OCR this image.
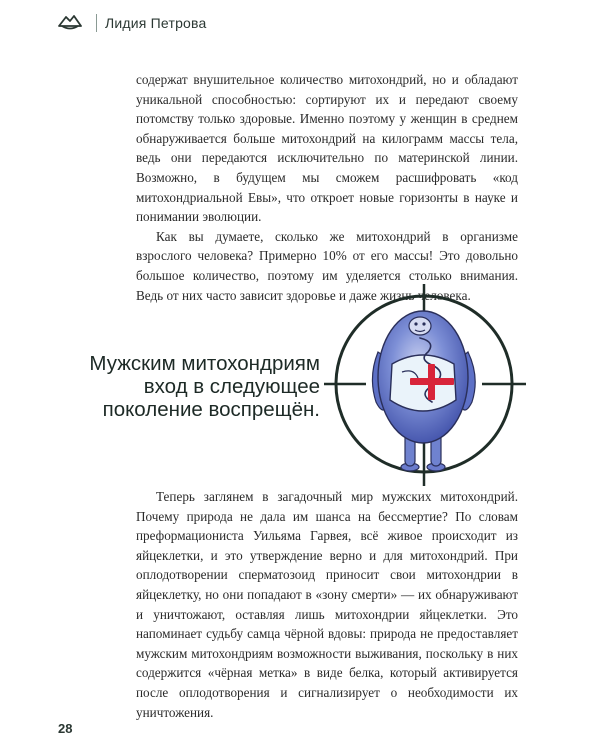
Лидия Петрова

содержат внушительное количество митохондрий, но и обладают уникальной способностью: сортируют их и передают своему потомству только здоровые. Именно поэтому у женщин в среднем обнаруживается больше митохондрий на килограмм массы тела, ведь они передаются исключительно по материнской линии. Возможно, в будущем мы сможем расшифровать «код митохондриальной Евы», что откроет новые горизонты в науке и понимании эволюции.

Как вы думаете, сколько же митохондрий в организме взрослого человека? Примерно 10% от его массы! Это довольно большое количество, поэтому им уделяется столько внимания. Ведь от них часто зависит здоровье и даже жизнь человека.

Мужским митохондриям
вход в следующее
поколение воспрещён.

Теперь заглянем в загадочный мир мужских митохондрий. Почему природа не дала им шанса на бессмертие? По словам преформациониста Уильяма Гарвея, всё живое происходит из яйцеклетки, и это утверждение верно и для митохондрий. При оплодотворении сперматозоид приносит свои митохондрии в яйцеклетку, но они попадают в «зону смерти» — их обнаруживают и уничтожают, оставляя лишь митохондрии яйцеклетки. Это напоминает судьбу самца чёрной вдовы: природа не предоставляет мужским митохондриям возможности выживания, поскольку в них содержится «чёрная метка» в виде белка, который активируется после оплодотворения и сигнализирует о необходимости их уничтожения.

28
